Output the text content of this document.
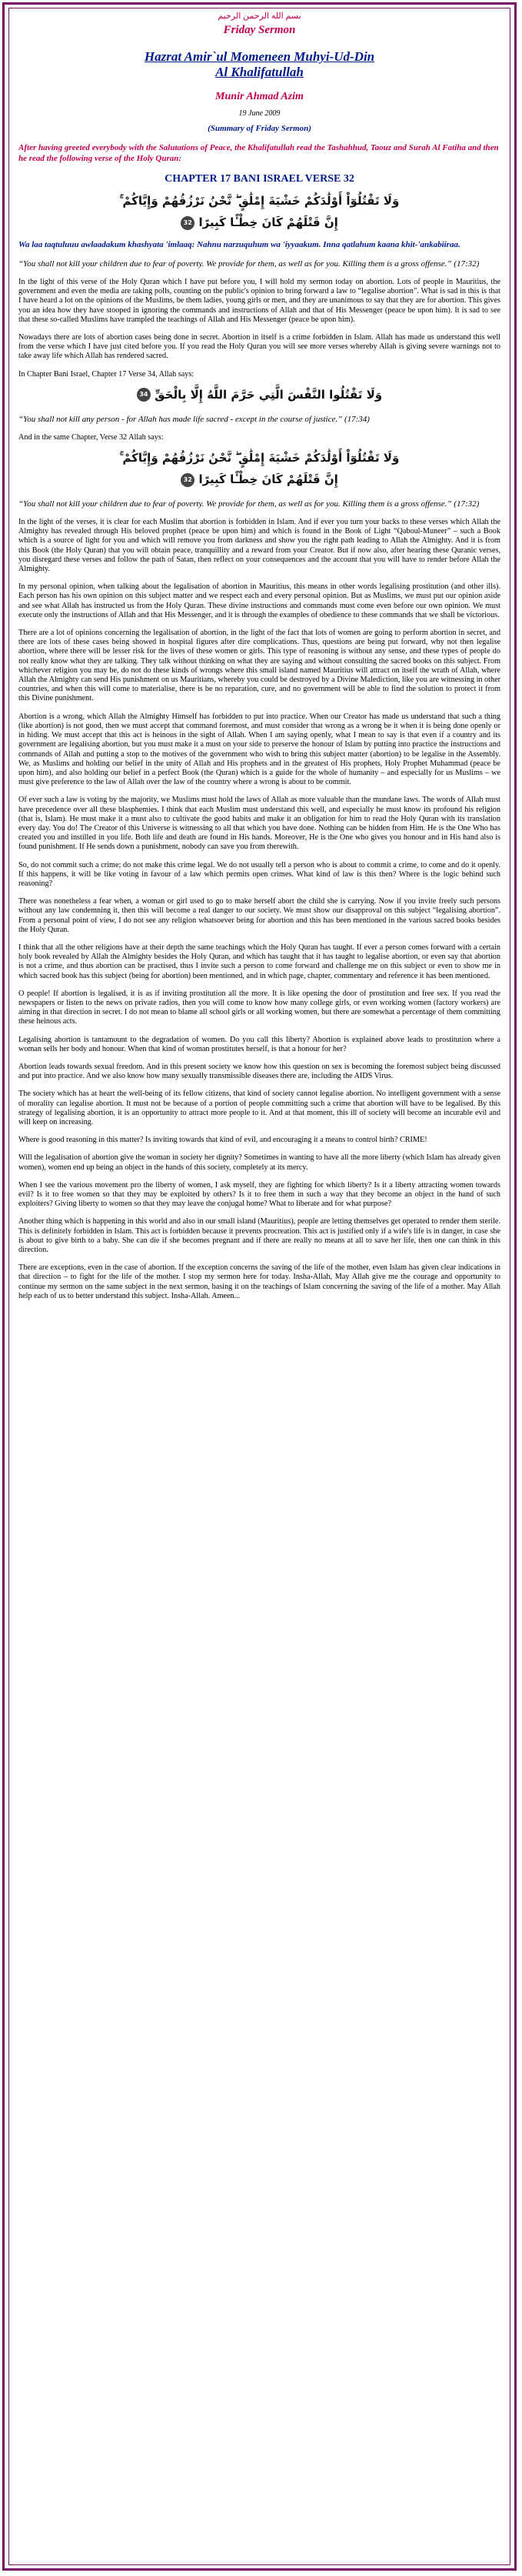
بسم الله الرحمن الرحيم
Friday Sermon
Hazrat Amir`ul Momeneen Muhyi-Ud-Din
Al Khalifatullah
Munir Ahmad Azim
19 June 2009
(Summary of Friday Sermon)
After having greeted everybody with the Salutations of Peace, the Khalifatullah read the Tashahhud, Taouz and Surah Al Fatiha and then he read the following verse of the Holy Quran:
CHAPTER 17 BANI ISRAEL VERSE 32
وَلَا تَقْتُلُوٓاْ أَوْلَٰدَكُمْ خَشْيَةَ إِمْلَٰقٍ ۖ نَّحْنُ نَرْزُقُهُمْ وَإِيَّاكُمْ ۚ
إِنَّ قَتْلَهُمْ كَانَ خِطْـًٔا كَبِيرًا 32
Wa laa taqtuluuu awlaadakum khashyata 'imlaaq: Nahnu narzuquhum wa 'iyyaakum. Inna qatlahum kaana khit-'ankabiiraa.
“You shall not kill your children due to fear of poverty. We provide for them, as well as for you. Killing them is a gross offense.” (17:32)

In the light of this verse of the Holy Quran which I have put before you, I will hold my sermon today on abortion. Lots of people in Mauritius, the government and even the media are taking polls, counting on the public's opinion to bring forward a law to “legalise abortion”. What is sad in this is that I have heard a lot on the opinions of the Muslims, be them ladies, young girls or men, and they are unanimous to say that they are for abortion. This gives you an idea how they have stooped in ignoring the commands and instructions of Allah and that of His Messenger (peace be upon him). It is sad to see that these so-called Muslims have trampled the teachings of Allah and His Messenger (peace be upon him).

Nowadays there are lots of abortion cases being done in secret. Abortion in itself is a crime forbidden in Islam. Allah has made us understand this well from the verse which I have just cited before you. If you read the Holy Quran you will see more verses whereby Allah is giving severe warnings not to take away life which Allah has rendered sacred.

In Chapter Bani Israel, Chapter 17 Verse 34, Allah says:

وَلَا تَقْتُلُوا النَّفْسَ الَّتِي حَرَّمَ اللَّهُ إِلَّا بِالْحَقِّ 34
“You shall not kill any person - for Allah has made life sacred - except in the course of justice.” (17:34)

And in the same Chapter, Verse 32 Allah says:

وَلَا تَقْتُلُوٓاْ أَوْلَٰدَكُمْ خَشْيَةَ إِمْلَٰقٍ ۖ نَّحْنُ نَرْزُقُهُمْ وَإِيَّاكُمْ ۚ
إِنَّ قَتْلَهُمْ كَانَ خِطْـًٔا كَبِيرًا 32
“You shall not kill your children due to fear of poverty. We provide for them, as well as for you. Killing them is a gross offense.” (17:32)

In the light of the verses, it is clear for each Muslim that abortion is forbidden in Islam. And if ever you turn your backs to these verses which Allah the Almighty has revealed through His beloved prophet (peace be upon him) and which is found in the Book of Light “Qaboul-Muneer” – such a Book which is a source of light for you and which will remove you from darkness and show you the right path leading to Allah the Almighty. And it is from this Book (the Holy Quran) that you will obtain peace, tranquillity and a reward from your Creator. But if now also, after hearing these Quranic verses, you disregard these verses and follow the path of Satan, then reflect on your consequences and the account that you will have to render before Allah the Almighty.

In my personal opinion, when talking about the legalisation of abortion in Mauritius, this means in other words legalising prostitution (and other ills). Each person has his own opinion on this subject matter and we respect each and every personal opinion. But as Muslims, we must put our opinion aside and see what Allah has instructed us from the Holy Quran. These divine instructions and commands must come even before our own opinion. We must execute only the instructions of Allah and that His Messenger, and it is through the examples of obedience to these commands that we shall be victorious.

There are a lot of opinions concerning the legalisation of abortion, in the light of the fact that lots of women are going to perform abortion in secret, and there are lots of these cases being showed in hospital figures after dire complications. Thus, questions are being put forward, why not then legalise abortion, where there will be lesser risk for the lives of these women or girls. This type of reasoning is without any sense, and these types of people do not really know what they are talking. They talk without thinking on what they are saying and without consulting the sacred books on this subject. From whichever religion you may be, do not do these kinds of wrongs where this small island named Mauritius will attract on itself the wrath of Allah, where Allah the Almighty can send His punishment on us Mauritians, whereby you could be destroyed by a Divine Malediction, like you are witnessing in other countries, and when this will come to materialise, there is be no reparation, cure, and no government will be able to find the solution to protect it from this Divine punishment.

Abortion is a wrong, which Allah the Almighty Himself has forbidden to put into practice. When our Creator has made us understand that such a thing (like abortion) is not good, then we must accept that command foremost, and must consider that wrong as a wrong be it when it is being done openly or in hiding. We must accept that this act is heinous in the sight of Allah. When I am saying openly, what I mean to say is that even if a country and its government are legalising abortion, but you must make it a must on your side to preserve the honour of Islam by putting into practice the instructions and commands of Allah and putting a stop to the motives of the government who wish to bring this subject matter (abortion) to be legalise in the Assembly. We, as Muslims and holding our belief in the unity of Allah and His prophets and in the greatest of His prophets, Holy Prophet Muhammad (peace be upon him), and also holding our belief in a perfect Book (the Quran) which is a guide for the whole of humanity – and especially for us Muslims – we must give preference to the law of Allah over the law of the country where a wrong is about to be commit.

Of ever such a law is voting by the majority, we Muslims must hold the laws of Allah as more valuable than the mundane laws. The words of Allah must have precedence over all these blasphemies. I think that each Muslim must understand this well, and especially he must know its profound his religion (that is, Islam). He must make it a must also to cultivate the good habits and make it an obligation for him to read the Holy Quran with its translation every day. You do! The Creator of this Universe is witnessing to all that which you have done. Nothing can be hidden from Him. He is the One Who has created you and instilled in you life. Both life and death are found in His hands. Moreover, He is the One who gives you honour and in His hand also is found punishment. If He sends down a punishment, nobody can save you from therewith.

So, do not commit such a crime; do not make this crime legal. We do not usually tell a person who is about to commit a crime, to come and do it openly. If this happens, it will be like voting in favour of a law which permits open crimes. What kind of law is this then? Where is the logic behind such reasoning?

There was nonetheless a fear when, a woman or girl used to go to make herself abort the child she is carrying. Now if you invite freely such persons without any law condemning it, then this will become a real danger to our society. We must show our disapproval on this subject “legalising abortion”. From a personal point of view, I do not see any religion whatsoever being for abortion and this has been mentioned in the various sacred books besides the Holy Quran.

I think that all the other religions have at their depth the same teachings which the Holy Quran has taught. If ever a person comes forward with a certain holy book revealed by Allah the Almighty besides the Holy Quran, and which has taught that it has taught to legalise abortion, or even say that abortion is not a crime, and thus abortion can be practised, thus I invite such a person to come forward and challenge me on this subject or even to show me in which sacred book has this subject (being for abortion) been mentioned, and in which page, chapter, commentary and reference it has been mentioned.

O people! If abortion is legalised, it is as if inviting prostitution all the more. It is like opening the door of prostitution and free sex. If you read the newspapers or listen to the news on private radios, then you will come to know how many college girls, or even working women (factory workers) are aiming in that direction in secret. I do not mean to blame all school girls or all working women, but there are somewhat a percentage of them committing these heinous acts.

Legalising abortion is tantamount to the degradation of women. Do you call this liberty? Abortion is explained above leads to prostitution where a woman sells her body and honour. When that kind of woman prostitutes herself, is that a honour for her?

Abortion leads towards sexual freedom. And in this present society we know how this question on sex is becoming the foremost subject being discussed and put into practice. And we also know how many sexually transmissible diseases there are, including the AIDS Virus.

The society which has at heart the well-being of its fellow citizens, that kind of society cannot legalise abortion. No intelligent government with a sense of morality can legalise abortion. It must not be because of a portion of people committing such a crime that abortion will have to be legalised. By this strategy of legalising abortion, it is an opportunity to attract more people to it. And at that moment, this ill of society will become an incurable evil and will keep on increasing.

Where is good reasoning in this matter? Is inviting towards that kind of evil, and encouraging it a means to control birth? CRIME!

Will the legalisation of abortion give the woman in society her dignity? Sometimes in wanting to have all the more liberty (which Islam has already given women), women end up being an object in the hands of this society, completely at its mercy.

When I see the various movement pro the liberty of women, I ask myself, they are fighting for which liberty? Is it a liberty attracting women towards evil? Is it to free women so that they may be exploited by others? Is it to free them in such a way that they become an object in the hand of such exploiters? Giving liberty to women so that they may leave the conjugal home? What to liberate and for what purpose?

Another thing which is happening in this world and also in our small island (Mauritius), people are letting themselves get operated to render them sterile. This is definitely forbidden in Islam. This act is forbidden because it prevents procreation. This act is justified only if a wife's life is in danger, in case she is about to give birth to a baby. She can die if she becomes pregnant and if there are really no means at all to save her life, then one can think in this direction.

There are exceptions, even in the case of abortion. If the exception concerns the saving of the life of the mother, even Islam has given clear indications in that direction – to fight for the life of the mother. I stop my sermon here for today. Insha-Allah, May Allah give me the courage and opportunity to continue my sermon on the same subject in the next sermon, basing it on the teachings of Islam concerning the saving of the life of a mother. May Allah help each of us to better understand this subject. Insha-Allah. Ameen...
